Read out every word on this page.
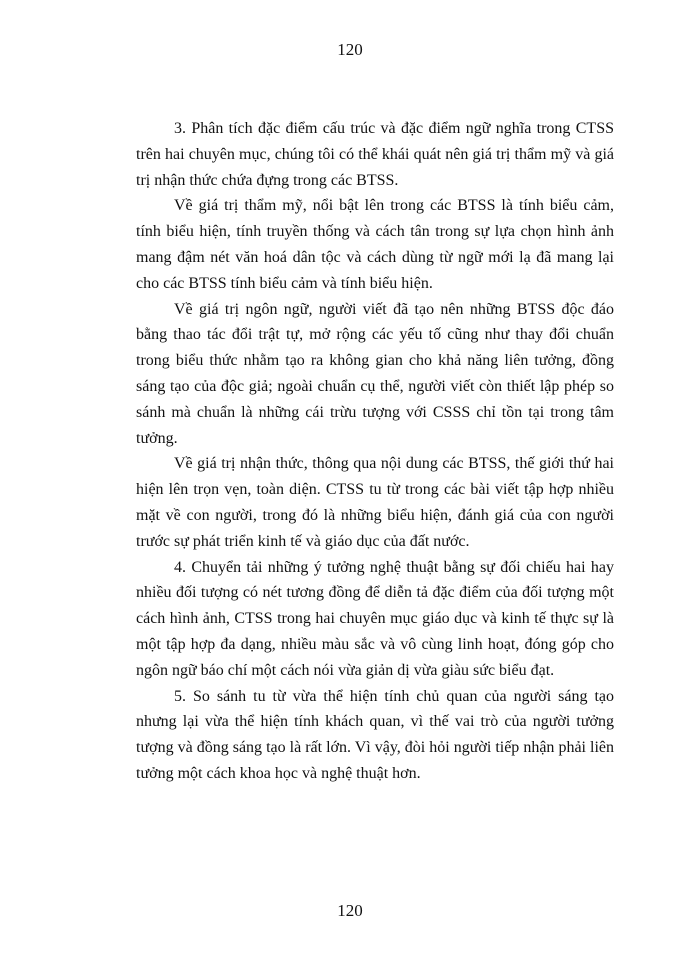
120

3. Phân tích đặc điểm cấu trúc và đặc điểm ngữ nghĩa trong CTSS trên hai chuyên mục, chúng tôi có thể khái quát nên giá trị thẩm mỹ và giá trị nhận thức chứa đựng trong các BTSS.

Về giá trị thẩm mỹ, nổi bật lên trong các BTSS là tính biểu cảm, tính biểu hiện, tính truyền thống và cách tân trong sự lựa chọn hình ảnh mang đậm nét văn hoá dân tộc và cách dùng từ ngữ mới lạ đã mang lại cho các BTSS tính biểu cảm và tính biểu hiện.

Về giá trị ngôn ngữ, người viết đã tạo nên những BTSS độc đáo bằng thao tác đổi trật tự, mở rộng các yếu tố cũng như thay đổi chuẩn trong biểu thức nhằm tạo ra không gian cho khả năng liên tưởng, đồng sáng tạo của độc giả; ngoài chuẩn cụ thể, người viết còn thiết lập phép so sánh mà chuẩn là những cái trừu tượng với CSSS chỉ tồn tại trong tâm tưởng.

Về giá trị nhận thức, thông qua nội dung các BTSS, thế giới thứ hai hiện lên trọn vẹn, toàn diện. CTSS tu từ trong các bài viết tập hợp nhiều mặt về con người, trong đó là những biểu hiện, đánh giá của con người trước sự phát triển kinh tế và giáo dục của đất nước.

4. Chuyển tải những ý tưởng nghệ thuật bằng sự đối chiếu hai hay nhiều đối tượng có nét tương đồng để diễn tả đặc điểm của đối tượng một cách hình ảnh, CTSS trong hai chuyên mục giáo dục và kinh tế thực sự là một tập hợp đa dạng, nhiều màu sắc và vô cùng linh hoạt, đóng góp cho ngôn ngữ báo chí một cách nói vừa giản dị vừa giàu sức biểu đạt.

5. So sánh tu từ vừa thể hiện tính chủ quan của người sáng tạo nhưng lại vừa thể hiện tính khách quan, vì thế vai trò của người tưởng tượng và đồng sáng tạo là rất lớn. Vì vậy, đòi hỏi người tiếp nhận phải liên tưởng một cách khoa học và nghệ thuật hơn.

120
